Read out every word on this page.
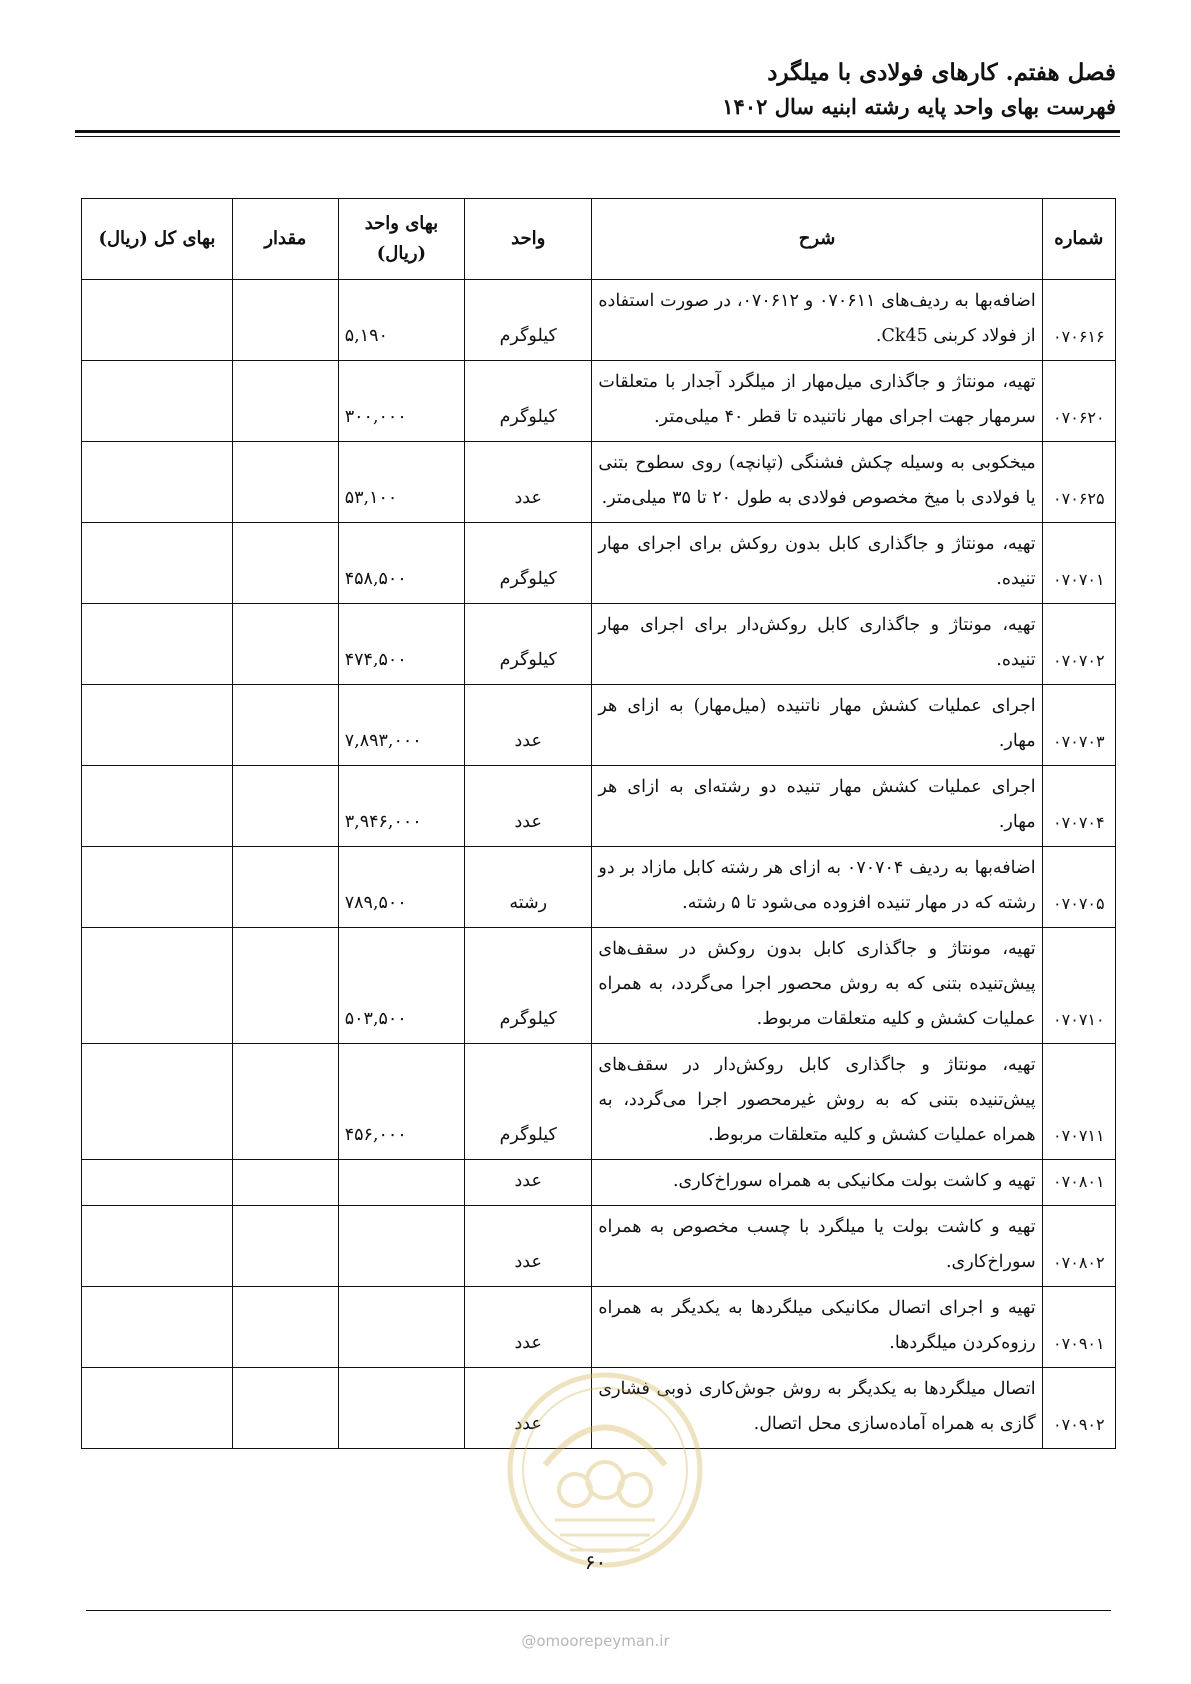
فصل هفتم. کارهای فولادی با میلگرد
فهرست بهای واحد پایه رشته ابنیه سال ۱۴۰۲
شماره	شرح	واحد	بهای واحد (ریال)	مقدار	بهای کل (ریال)
۰۷۰۶۱۶	اضافه‌بها به ردیف‌های ۰۷۰۶۱۱ و ۰۷۰۶۱۲، در صورت استفاده از فولاد کربنی Ck45.	کیلوگرم	۵,۱۹۰		
۰۷۰۶۲۰	تهیه، مونتاژ و جاگذاری میل‌مهار از میلگرد آجدار با متعلقات سرمهار جهت اجرای مهار ناتنیده تا قطر ۴۰ میلی‌متر.	کیلوگرم	۳۰۰,۰۰۰		
۰۷۰۶۲۵	میخکوبی به وسیله چکش فشنگی (تپانچه) روی سطوح بتنی یا فولادی با میخ مخصوص فولادی به طول ۲۰ تا ۳۵ میلی‌متر.	عدد	۵۳,۱۰۰		
۰۷۰۷۰۱	تهیه، مونتاژ و جاگذاری کابل بدون روکش برای اجرای مهار تنیده.	کیلوگرم	۴۵۸,۵۰۰		
۰۷۰۷۰۲	تهیه، مونتاژ و جاگذاری کابل روکش‌دار برای اجرای مهار تنیده.	کیلوگرم	۴۷۴,۵۰۰		
۰۷۰۷۰۳	اجرای عملیات کشش مهار ناتنیده (میل‌مهار) به ازای هر مهار.	عدد	۷,۸۹۳,۰۰۰		
۰۷۰۷۰۴	اجرای عملیات کشش مهار تنیده دو رشته‌ای به ازای هر مهار.	عدد	۳,۹۴۶,۰۰۰		
۰۷۰۷۰۵	اضافه‌بها به ردیف ۰۷۰۷۰۴ به ازای هر رشته کابل مازاد بر دو رشته که در مهار تنیده افزوده می‌شود تا ۵ رشته.	رشته	۷۸۹,۵۰۰		
۰۷۰۷۱۰	تهیه، مونتاژ و جاگذاری کابل بدون روکش در سقف‌های پیش‌تنیده بتنی که به روش محصور اجرا می‌گردد، به همراه عملیات کشش و کلیه متعلقات مربوط.	کیلوگرم	۵۰۳,۵۰۰		
۰۷۰۷۱۱	تهیه، مونتاژ و جاگذاری کابل روکش‌دار در سقف‌های پیش‌تنیده بتنی که به روش غیرمحصور اجرا می‌گردد، به همراه عملیات کشش و کلیه متعلقات مربوط.	کیلوگرم	۴۵۶,۰۰۰		
۰۷۰۸۰۱	تهیه و کاشت بولت مکانیکی به همراه سوراخ‌کاری.	عدد			
۰۷۰۸۰۲	تهیه و کاشت بولت یا میلگرد با چسب مخصوص به همراه سوراخ‌کاری.	عدد			
۰۷۰۹۰۱	تهیه و اجرای اتصال مکانیکی میلگردها به یکدیگر به همراه رزوه‌کردن میلگردها.	عدد			
۰۷۰۹۰۲	اتصال میلگردها به یکدیگر به روش جوش‌کاری ذوبی فشاری گازی به همراه آماده‌سازی محل اتصال.	عدد			
۶۰
@omoorepeyman.ir
